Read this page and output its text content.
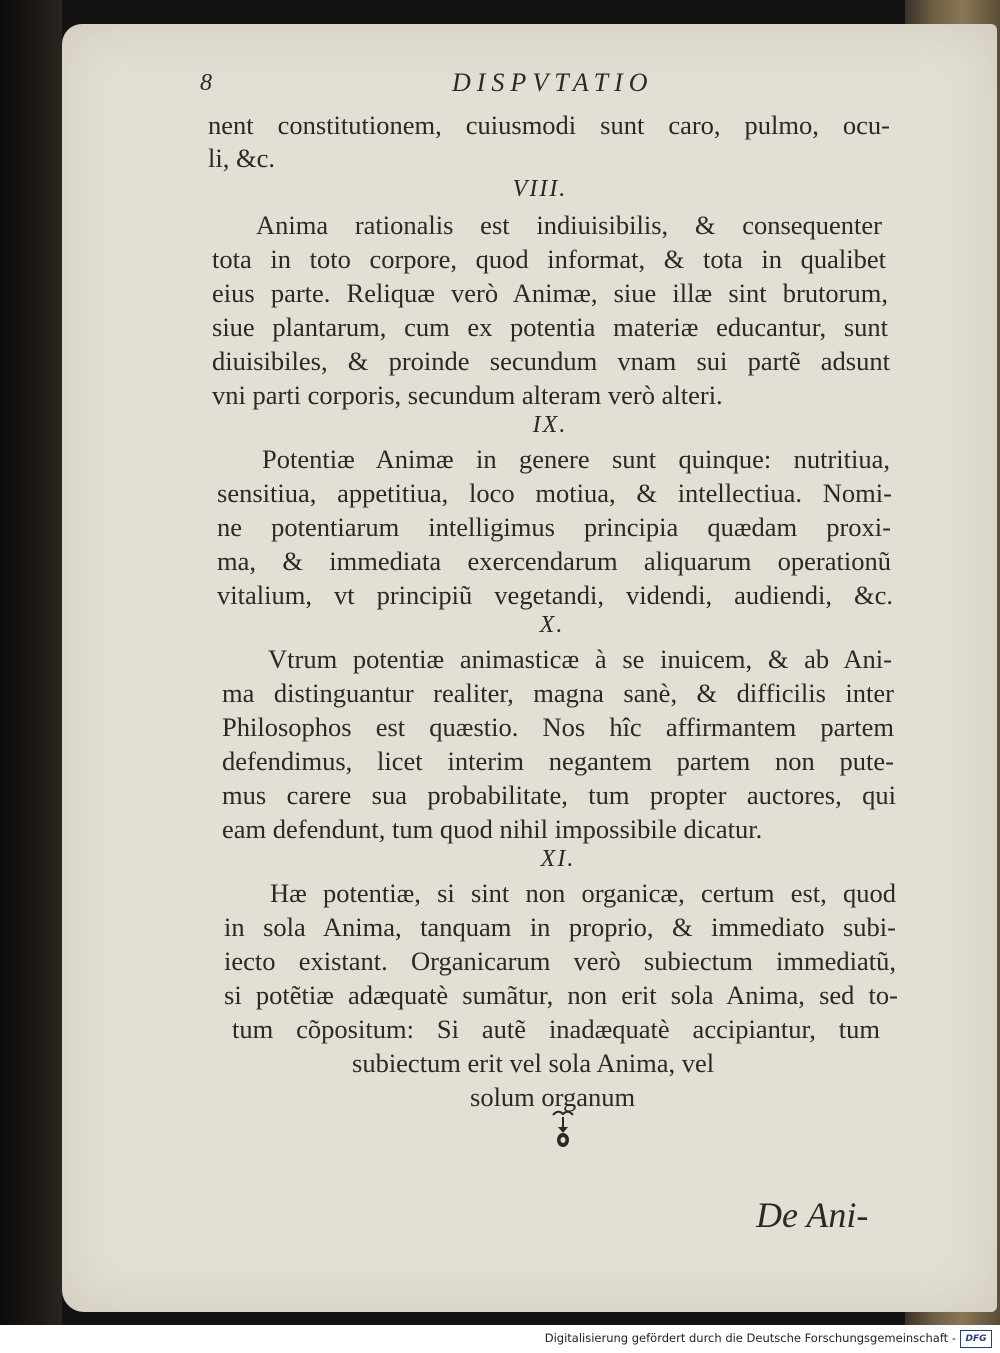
8	DISPVTATIO
nent constitutionem, cuiusmodi sunt caro, pulmo, ocu-
li, &c.
VIII.
Anima rationalis est indiuisibilis, & consequenter
tota in toto corpore, quod informat, & tota in qualibet
eius parte. Reliquæ verò Animæ, siue illæ sint brutorum,
siue plantarum, cum ex potentia materiæ educantur, sunt
diuisibiles, & proinde secundum vnam sui partẽ adsunt
vni parti corporis, secundum alteram verò alteri.
IX.
Potentiæ Animæ in genere sunt quinque: nutritiua,
sensitiua, appetitiua, loco motiua, & intellectiua. Nomi-
ne potentiarum intelligimus principia quædam proxi-
ma, & immediata exercendarum aliquarum operationũ
vitalium, vt principiũ vegetandi, videndi, audiendi, &c.
X.
Vtrum potentiæ animasticæ à se inuicem, & ab Ani-
ma distinguantur realiter, magna sanè, & difficilis inter
Philosophos est quæstio. Nos hîc affirmantem partem
defendimus, licet interim negantem partem non pute-
mus carere sua probabilitate, tum propter auctores, qui
eam defendunt, tum quod nihil impossibile dicatur.
XI.
Hæ potentiæ, si sint non organicæ, certum est, quod
in sola Anima, tanquam in proprio, & immediato subi-
iecto existant. Organicarum verò subiectum immediatũ,
si potẽtiæ adæquatè sumãtur, non erit sola Anima, sed to-
tum cõpositum: Si autẽ inadæquatè accipiantur, tum
subiectum erit vel sola Anima, vel
solum organum
De Ani-
Digitalisierung gefördert durch die Deutsche Forschungsgemeinschaft -	DFG
